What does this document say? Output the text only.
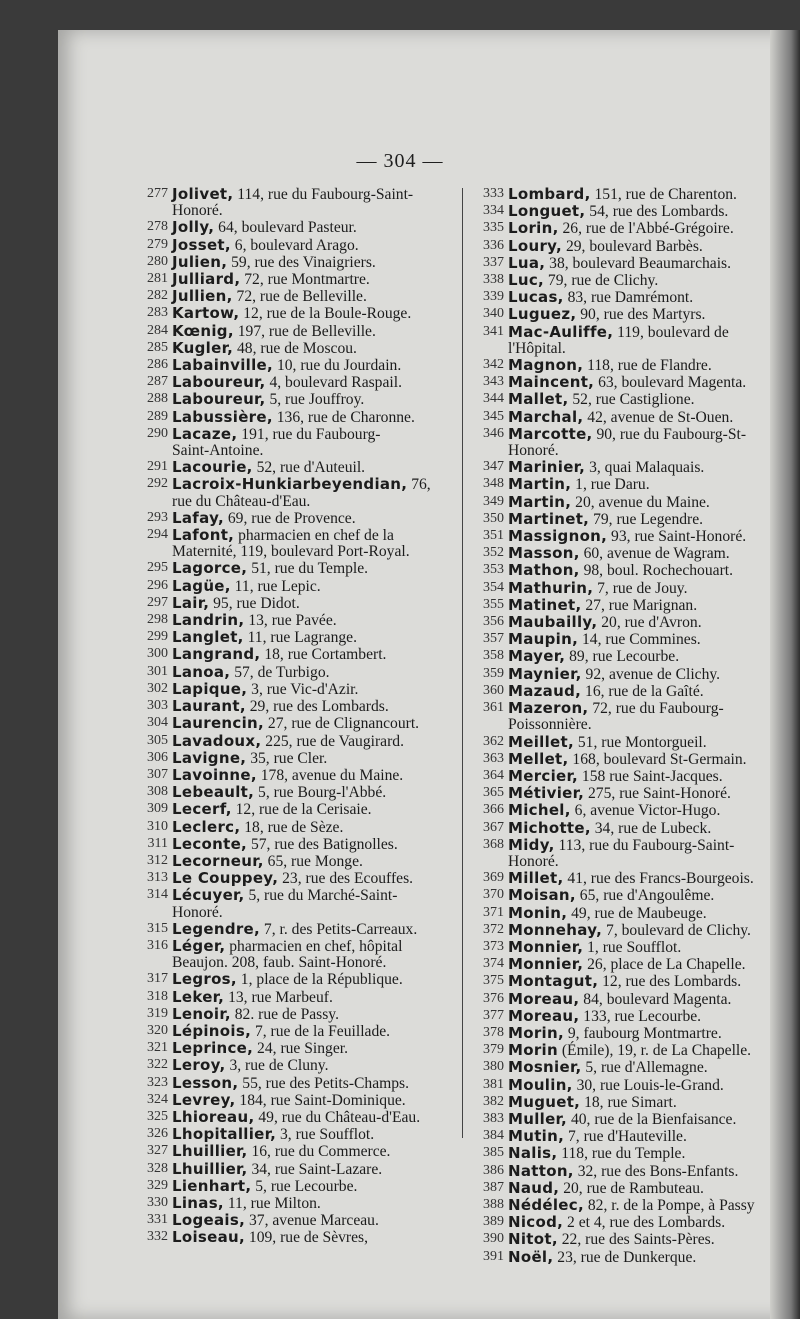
— 304 —
277 Jolivet, 114, rue du Faubourg-Saint-
Honoré.
278 Jolly, 64, boulevard Pasteur.
279 Josset, 6, boulevard Arago.
280 Julien, 59, rue des Vinaigriers.
281 Julliard, 72, rue Montmartre.
282 Jullien, 72, rue de Belleville.
283 Kartow, 12, rue de la Boule-Rouge.
284 Kœnig, 197, rue de Belleville.
285 Kugler, 48, rue de Moscou.
286 Labainville, 10, rue du Jourdain.
287 Laboureur, 4, boulevard Raspail.
288 Laboureur, 5, rue Jouffroy.
289 Labussière, 136, rue de Charonne.
290 Lacaze, 191, rue du Faubourg-
Saint-Antoine.
291 Lacourie, 52, rue d'Auteuil.
292 Lacroix-Hunkiarbeyendian, 76,
rue du Château-d'Eau.
293 Lafay, 69, rue de Provence.
294 Lafont, pharmacien en chef de la
Maternité, 119, boulevard Port-Royal.
295 Lagorce, 51, rue du Temple.
296 Lagüe, 11, rue Lepic.
297 Lair, 95, rue Didot.
298 Landrin, 13, rue Pavée.
299 Langlet, 11, rue Lagrange.
300 Langrand, 18, rue Cortambert.
301 Lanoa, 57, de Turbigo.
302 Lapique, 3, rue Vic-d'Azir.
303 Laurant, 29, rue des Lombards.
304 Laurencin, 27, rue de Clignancourt.
305 Lavadoux, 225, rue de Vaugirard.
306 Lavigne, 35, rue Cler.
307 Lavoinne, 178, avenue du Maine.
308 Lebeault, 5, rue Bourg-l'Abbé.
309 Lecerf, 12, rue de la Cerisaie.
310 Leclerc, 18, rue de Sèze.
311 Leconte, 57, rue des Batignolles.
312 Lecorneur, 65, rue Monge.
313 Le Couppey, 23, rue des Ecouffes.
314 Lécuyer, 5, rue du Marché-Saint-
Honoré.
315 Legendre, 7, r. des Petits-Carreaux.
316 Léger, pharmacien en chef, hôpital
Beaujon. 208, faub. Saint-Honoré.
317 Legros, 1, place de la République.
318 Leker, 13, rue Marbeuf.
319 Lenoir, 82. rue de Passy.
320 Lépinois, 7, rue de la Feuillade.
321 Leprince, 24, rue Singer.
322 Leroy, 3, rue de Cluny.
323 Lesson, 55, rue des Petits-Champs.
324 Levrey, 184, rue Saint-Dominique.
325 Lhioreau, 49, rue du Château-d'Eau.
326 Lhopitallier, 3, rue Soufflot.
327 Lhuillier, 16, rue du Commerce.
328 Lhuillier, 34, rue Saint-Lazare.
329 Lienhart, 5, rue Lecourbe.
330 Linas, 11, rue Milton.
331 Logeais, 37, avenue Marceau.
332 Loiseau, 109, rue de Sèvres,
333 Lombard, 151, rue de Charenton.
334 Longuet, 54, rue des Lombards.
335 Lorin, 26, rue de l'Abbé-Grégoire.
336 Loury, 29, boulevard Barbès.
337 Lua, 38, boulevard Beaumarchais.
338 Luc, 79, rue de Clichy.
339 Lucas, 83, rue Damrémont.
340 Luguez, 90, rue des Martyrs.
341 Mac-Auliffe, 119, boulevard de
l'Hôpital.
342 Magnon, 118, rue de Flandre.
343 Maincent, 63, boulevard Magenta.
344 Mallet, 52, rue Castiglione.
345 Marchal, 42, avenue de St-Ouen.
346 Marcotte, 90, rue du Faubourg-St-
Honoré.
347 Marinier, 3, quai Malaquais.
348 Martin, 1, rue Daru.
349 Martin, 20, avenue du Maine.
350 Martinet, 79, rue Legendre.
351 Massignon, 93, rue Saint-Honoré.
352 Masson, 60, avenue de Wagram.
353 Mathon, 98, boul. Rochechouart.
354 Mathurin, 7, rue de Jouy.
355 Matinet, 27, rue Marignan.
356 Maubailly, 20, rue d'Avron.
357 Maupin, 14, rue Commines.
358 Mayer, 89, rue Lecourbe.
359 Maynier, 92, avenue de Clichy.
360 Mazaud, 16, rue de la Gaîté.
361 Mazeron, 72, rue du Faubourg-
Poissonnière.
362 Meillet, 51, rue Montorgueil.
363 Mellet, 168, boulevard St-Germain.
364 Mercier, 158 rue Saint-Jacques.
365 Métivier, 275, rue Saint-Honoré.
366 Michel, 6, avenue Victor-Hugo.
367 Michotte, 34, rue de Lubeck.
368 Midy, 113, rue du Faubourg-Saint-
Honoré.
369 Millet, 41, rue des Francs-Bourgeois.
370 Moisan, 65, rue d'Angoulême.
371 Monin, 49, rue de Maubeuge.
372 Monnehay, 7, boulevard de Clichy.
373 Monnier, 1, rue Soufflot.
374 Monnier, 26, place de La Chapelle.
375 Montagut, 12, rue des Lombards.
376 Moreau, 84, boulevard Magenta.
377 Moreau, 133, rue Lecourbe.
378 Morin, 9, faubourg Montmartre.
379 Morin (Émile), 19, r. de La Chapelle.
380 Mosnier, 5, rue d'Allemagne.
381 Moulin, 30, rue Louis-le-Grand.
382 Muguet, 18, rue Simart.
383 Muller, 40, rue de la Bienfaisance.
384 Mutin, 7, rue d'Hauteville.
385 Nalis, 118, rue du Temple.
386 Natton, 32, rue des Bons-Enfants.
387 Naud, 20, rue de Rambuteau.
388 Nédélec, 82, r. de la Pompe, à Passy
389 Nicod, 2 et 4, rue des Lombards.
390 Nitot, 22, rue des Saints-Pères.
391 Noël, 23, rue de Dunkerque.
